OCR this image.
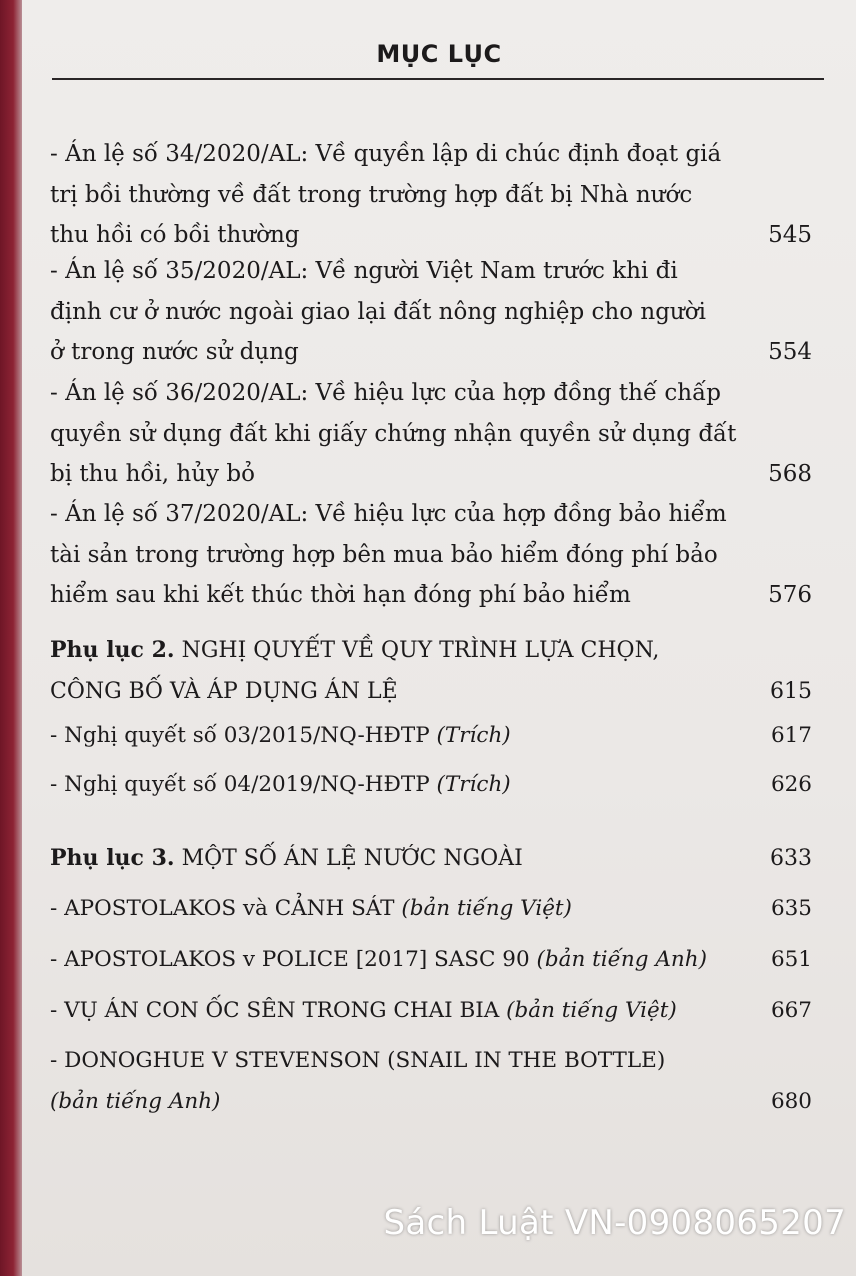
MỤC LỤC
- Án lệ số 34/2020/AL: Về quyền lập di chúc định đoạt giá
trị bồi thường về đất trong trường hợp đất bị Nhà nước
thu hồi có bồi thường	545
- Án lệ số 35/2020/AL: Về người Việt Nam trước khi đi
định cư ở nước ngoài giao lại đất nông nghiệp cho người
ở trong nước sử dụng	554
- Án lệ số 36/2020/AL: Về hiệu lực của hợp đồng thế chấp
quyền sử dụng đất khi giấy chứng nhận quyền sử dụng đất
bị thu hồi, hủy bỏ	568
- Án lệ số 37/2020/AL: Về hiệu lực của hợp đồng bảo hiểm
tài sản trong trường hợp bên mua bảo hiểm đóng phí bảo
hiểm sau khi kết thúc thời hạn đóng phí bảo hiểm	576
Phụ lục 2. NGHỊ QUYẾT VỀ QUY TRÌNH LỰA CHỌN,
CÔNG BỐ VÀ ÁP DỤNG ÁN LỆ	615
- Nghị quyết số 03/2015/NQ-HĐTP (Trích)	617
- Nghị quyết số 04/2019/NQ-HĐTP (Trích)	626
Phụ lục 3. MỘT SỐ ÁN LỆ NƯỚC NGOÀI	633
- APOSTOLAKOS và CẢNH SÁT (bản tiếng Việt)	635
- APOSTOLAKOS v POLICE [2017] SASC 90 (bản tiếng Anh)	651
- VỤ ÁN CON ỐC SÊN TRONG CHAI BIA (bản tiếng Việt)	667
- DONOGHUE V STEVENSON (SNAIL IN THE BOTTLE)
(bản tiếng Anh)	680
Sách Luật VN-0908065207
